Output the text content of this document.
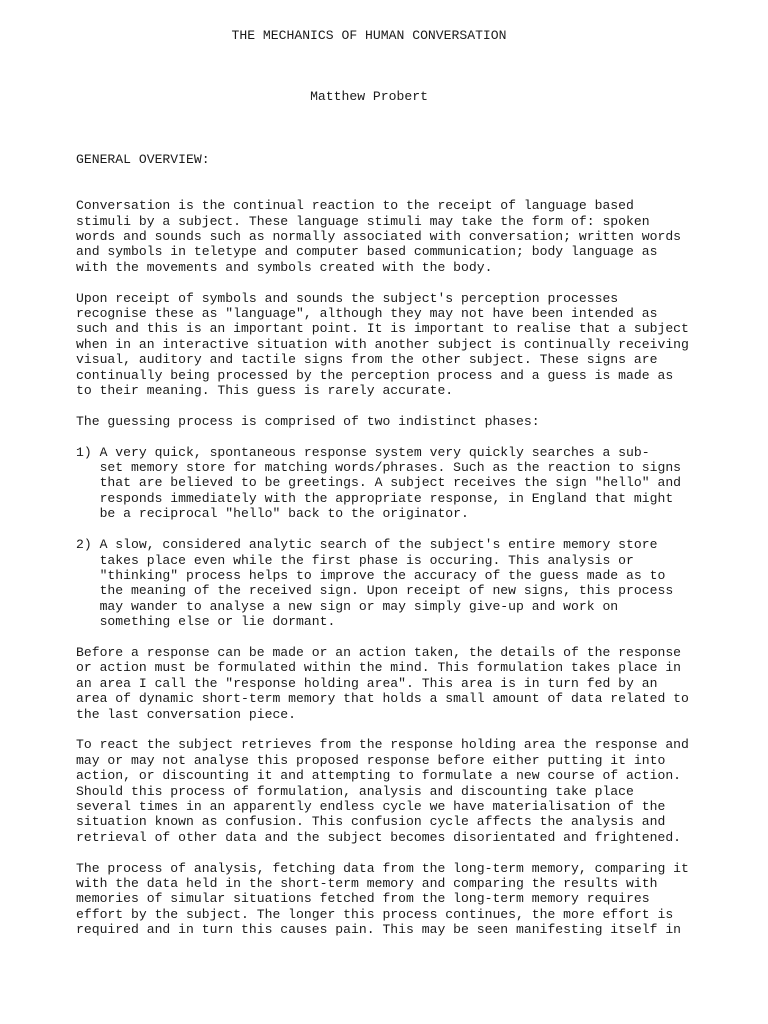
THE MECHANICS OF HUMAN CONVERSATION
Matthew Probert
GENERAL OVERVIEW:
Conversation is the continual reaction to the receipt of language based
stimuli by a subject. These language stimuli may take the form of: spoken
words and sounds such as normally associated with conversation; written words
and symbols in teletype and computer based communication; body language as
with the movements and symbols created with the body.
Upon receipt of symbols and sounds the subject's perception processes
recognise these as "language", although they may not have been intended as
such and this is an important point. It is important to realise that a subject
when in an interactive situation with another subject is continually receiving
visual, auditory and tactile signs from the other subject. These signs are
continually being processed by the perception process and a guess is made as
to their meaning. This guess is rarely accurate.
The guessing process is comprised of two indistinct phases:
1) A very quick, spontaneous response system very quickly searches a sub-
set memory store for matching words/phrases. Such as the reaction to signs
that are believed to be greetings. A subject receives the sign "hello" and
responds immediately with the appropriate response, in England that might
be a reciprocal "hello" back to the originator.
2) A slow, considered analytic search of the subject's entire memory store
takes place even while the first phase is occuring. This analysis or
"thinking" process helps to improve the accuracy of the guess made as to
the meaning of the received sign. Upon receipt of new signs, this process
may wander to analyse a new sign or may simply give-up and work on
something else or lie dormant.
Before a response can be made or an action taken, the details of the response
or action must be formulated within the mind. This formulation takes place in
an area I call the "response holding area". This area is in turn fed by an
area of dynamic short-term memory that holds a small amount of data related to
the last conversation piece.
To react the subject retrieves from the response holding area the response and
may or may not analyse this proposed response before either putting it into
action, or discounting it and attempting to formulate a new course of action.
Should this process of formulation, analysis and discounting take place
several times in an apparently endless cycle we have materialisation of the
situation known as confusion. This confusion cycle affects the analysis and
retrieval of other data and the subject becomes disorientated and frightened.
The process of analysis, fetching data from the long-term memory, comparing it
with the data held in the short-term memory and comparing the results with
memories of simular situations fetched from the long-term memory requires
effort by the subject. The longer this process continues, the more effort is
required and in turn this causes pain. This may be seen manifesting itself in
